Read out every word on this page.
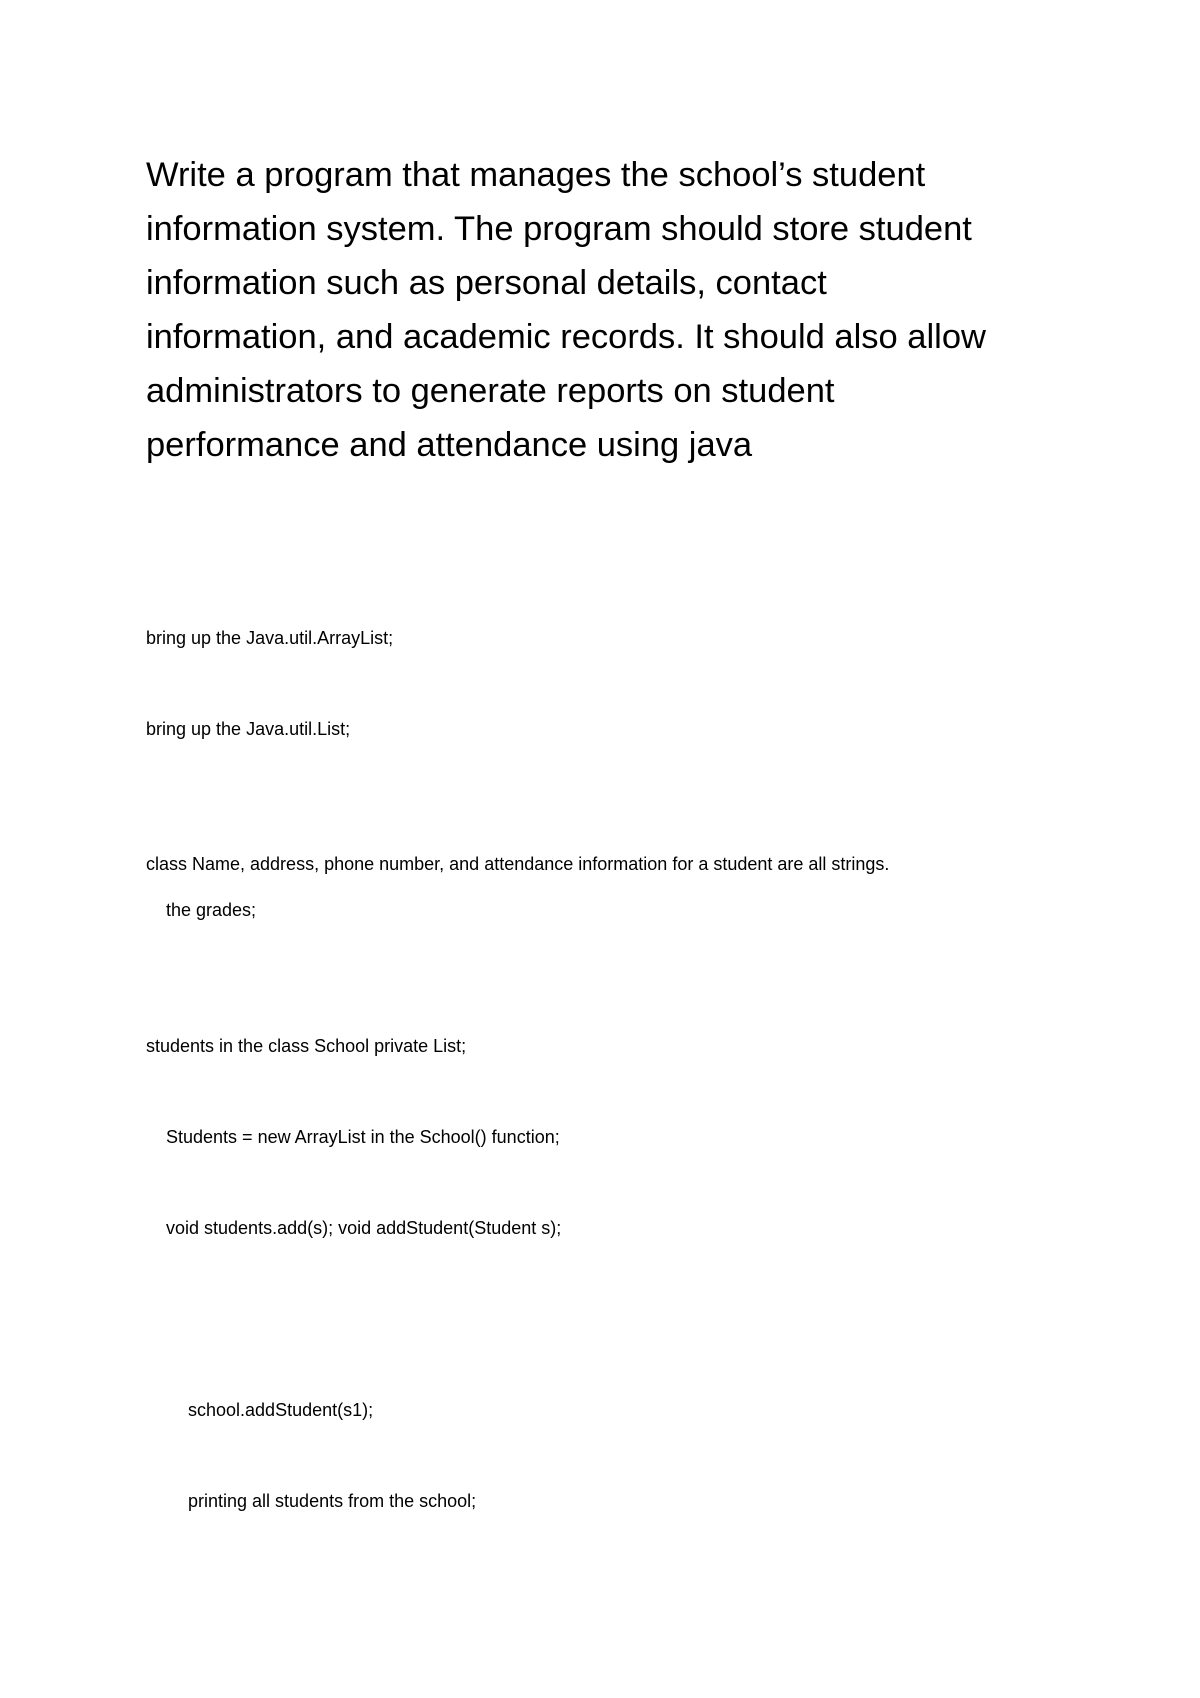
Write a program that manages the school’s student
information system. The program should store student
information such as personal details, contact
information, and academic records. It should also allow
administrators to generate reports on student
performance and attendance using java

bring up the Java.util.ArrayList;

bring up the Java.util.List;

class Name, address, phone number, and attendance information for a student are all strings.

the grades;

students in the class School private List;

Students = new ArrayList in the School() function;

void students.add(s); void addStudent(Student s);

school.addStudent(s1);

printing all students from the school;
